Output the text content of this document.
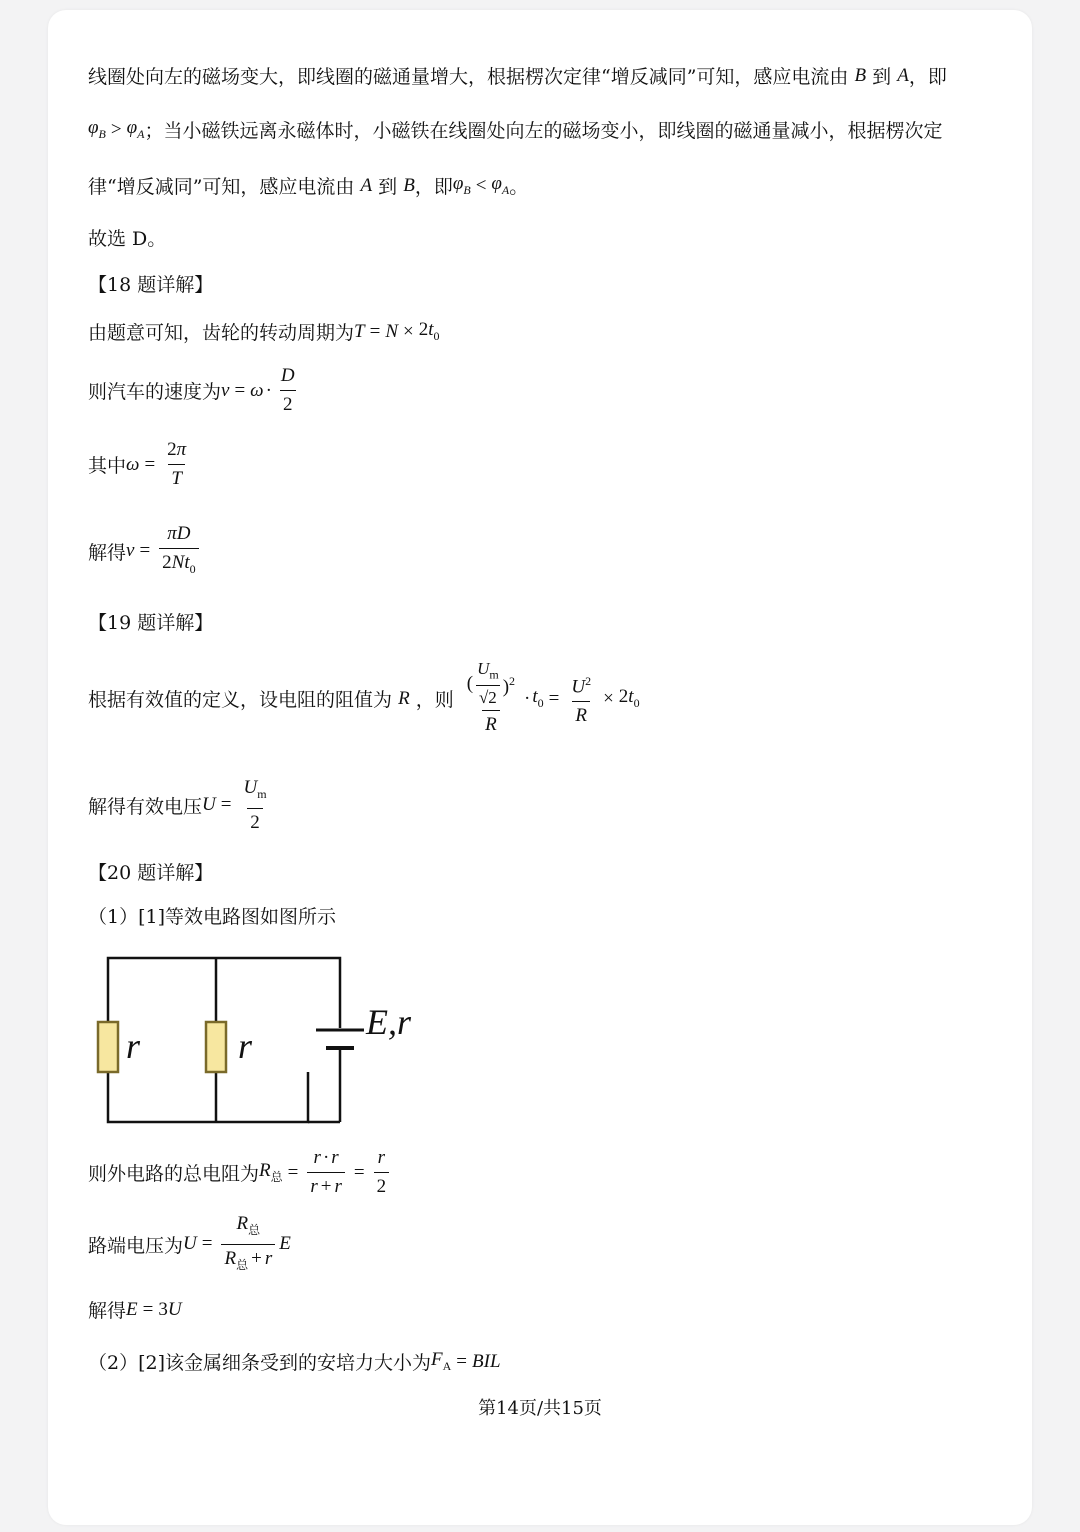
线圈处向左的磁场变大，即线圈的磁通量增大，根据楞次定律“增反减同”可知，感应电流由
B
到
A ，即
$\varphi_B > \varphi_A$ ；当小磁铁远离永磁体时，小磁铁在线圈处向左的磁场变小，即线圈的磁通量减小，根据楞次定
律“增反减同”可知，感应电流由
A
到
B ，即 $\varphi_B < \varphi_A$ 。
故选 D。
【18 题详解】
由题意可知，齿轮的转动周期为 $T = N \times 2t_0$
则汽车的速度为 $v = \omega \cdot \frac{D}{2}$
其中 $\omega = \frac{2\pi}{T}$
解得 $v = \frac{\pi D}{2Nt_0}$
【19 题详解】
根据有效值的定义，设电阻的阻值为
R
，则 $\frac{( \frac{U_m}{√2} )^2}{R} \cdot t_0 = \frac{U^2}{R} \times 2t_0$
解得有效电压 $U = \frac{U_m}{2}$
【20 题详解】
（1）[1]等效电路图如图所示
r	r
E,r
则外电路的总电阻为 $R_总 = \frac{r \cdot r}{r + r} = \frac{r}{2}$
路端电压为 $U = \frac{R_总}{R_总 + r}$ E
解得 E = 3U
（2）[2]该金属细条受到的安培力大小为 $F_A$ = BIL
第14页/共15页
